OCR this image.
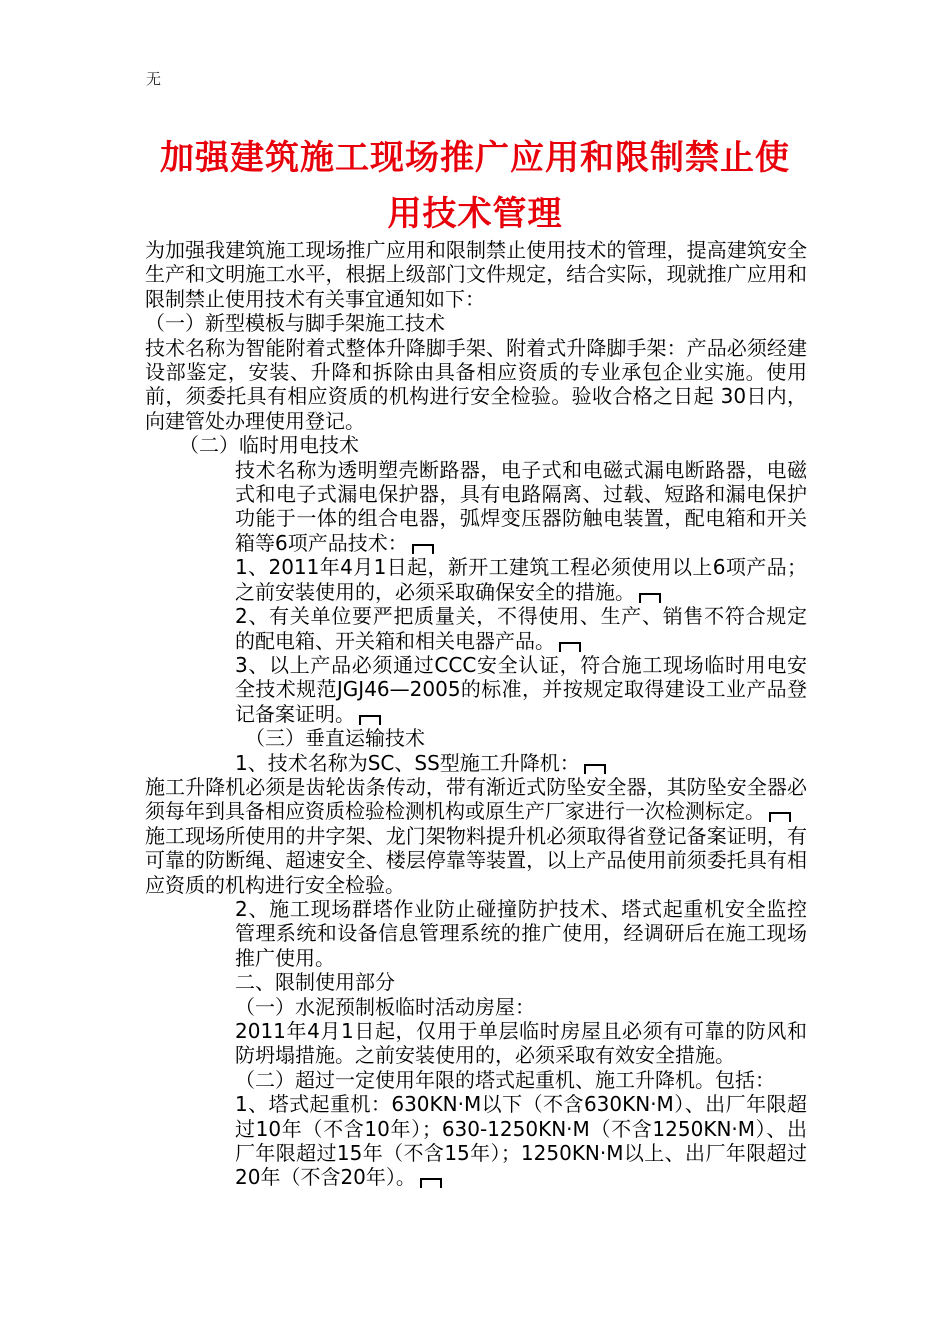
无
加强建筑施工现场推广应用和限制禁止使用技术管理

为加强我建筑施工现场推广应用和限制禁止使用技术的管理，提高建筑安全生产和文明施工水平，根据上级部门文件规定，结合实际，现就推广应用和限制禁止使用技术有关事宜通知如下：

（一）新型模板与脚手架施工技术

技术名称为智能附着式整体升降脚手架、附着式升降脚手架：产品必须经建设部鉴定，安装、升降和拆除由具备相应资质的专业承包企业实施。使用前，须委托具有相应资质的机构进行安全检验。验收合格之日起 30日内，向建管处办理使用登记。

（二）临时用电技术

技术名称为透明塑壳断路器，电子式和电磁式漏电断路器，电磁式和电子式漏电保护器，具有电路隔离、过载、短路和漏电保护功能于一体的组合电器，弧焊变压器防触电装置，配电箱和开关箱等6项产品技术：

1、2011年4月1日起，新开工建筑工程必须使用以上6项产品；之前安装使用的，必须采取确保安全的措施。

2、有关单位要严把质量关，不得使用、生产、销售不符合规定的配电箱、开关箱和相关电器产品。

3、以上产品必须通过CCC安全认证，符合施工现场临时用电安全技术规范JGJ46—2005的标准，并按规定取得建设工业产品登记备案证明。

（三）垂直运输技术

1、技术名称为SC、SS型施工升降机：

施工升降机必须是齿轮齿条传动，带有渐近式防坠安全器，其防坠安全器必须每年到具备相应资质检验检测机构或原生产厂家进行一次检测标定。　施工现场所使用的井字架、龙门架物料提升机必须取得省登记备案证明，有可靠的防断绳、超速安全、楼层停靠等装置，以上产品使用前须委托具有相应资质的机构进行安全检验。

2、施工现场群塔作业防止碰撞防护技术、塔式起重机安全监控管理系统和设备信息管理系统的推广使用，经调研后在施工现场推广使用。

二、限制使用部分

（一）水泥预制板临时活动房屋：

2011年4月1日起，仅用于单层临时房屋且必须有可靠的防风和防坍塌措施。之前安装使用的，必须采取有效安全措施。

（二）超过一定使用年限的塔式起重机、施工升降机。包括：

1、塔式起重机：630KN·M以下（不含630KN·M）、出厂年限超过10年（不含10年）；630-1250KN·M（不含1250KN·M）、出厂年限超过15年（不含15年）；1250KN·M以上、出厂年限超过20年（不含20年）。
